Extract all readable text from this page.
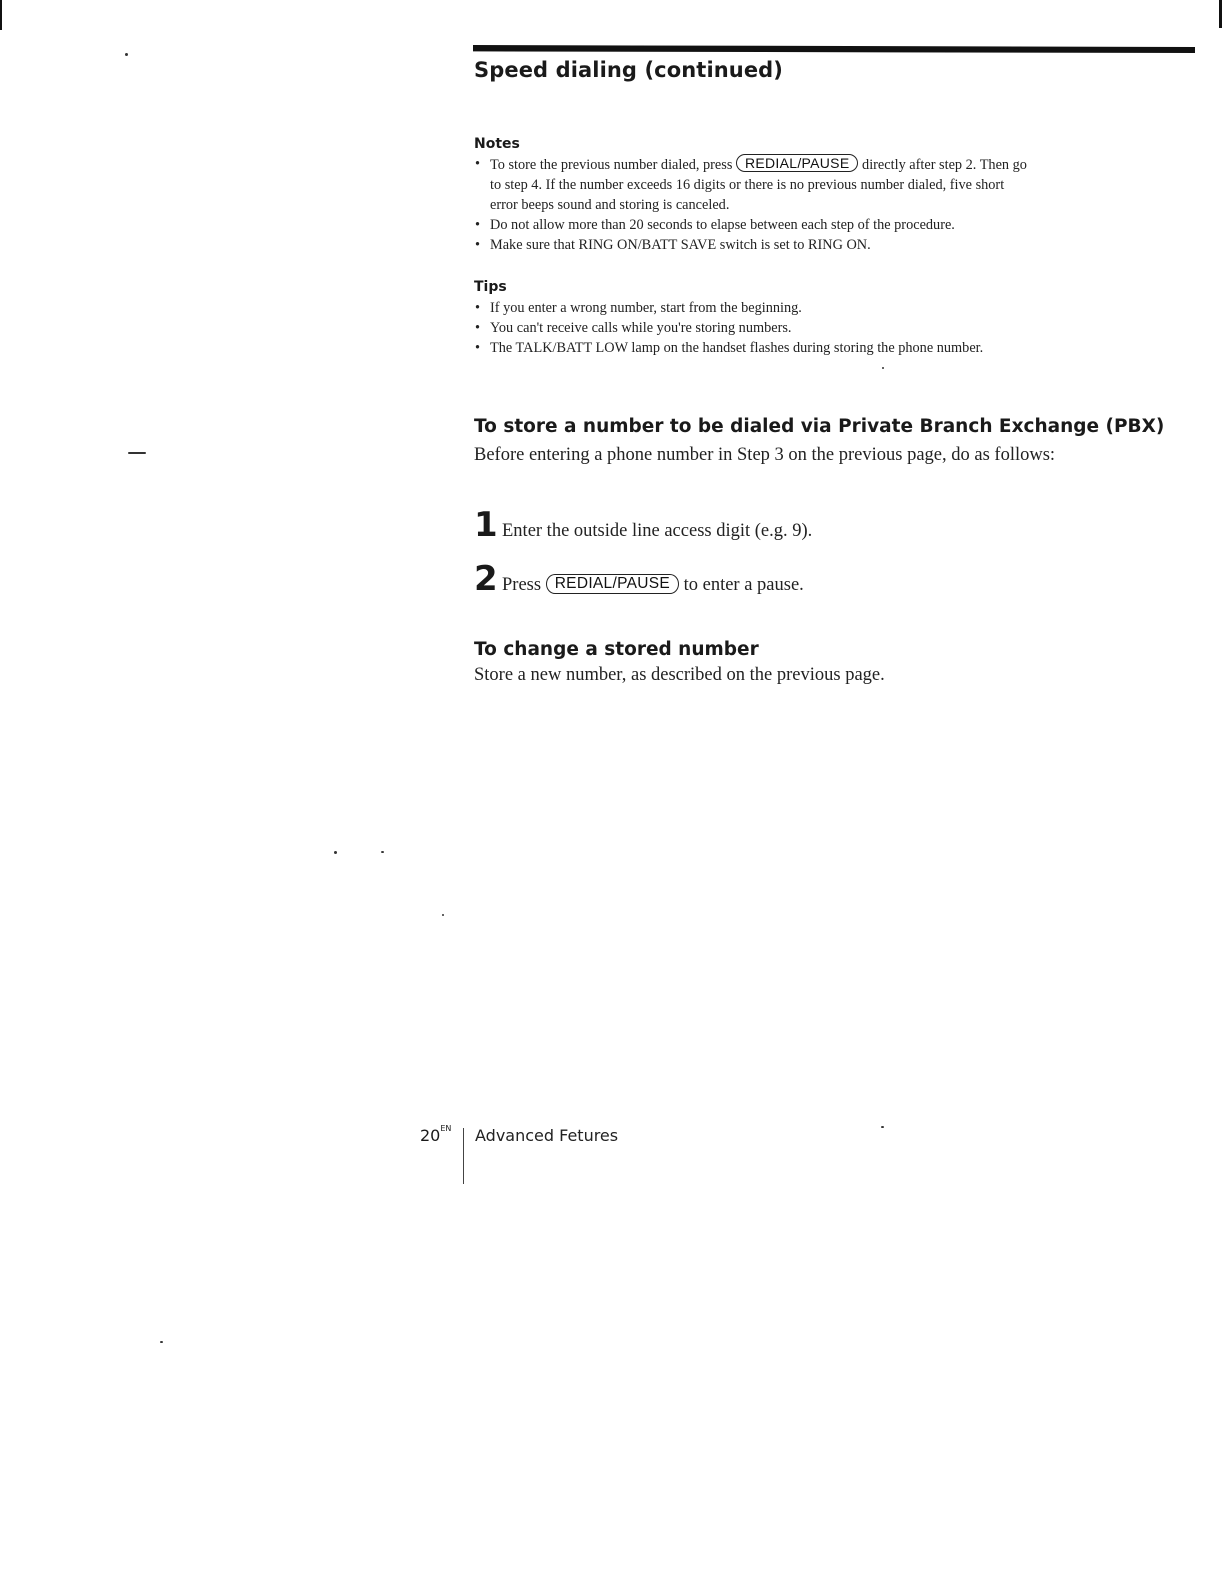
Speed dialing (continued)
Notes
• To store the previous number dialed, press REDIAL/PAUSE directly after step 2. Then go to step 4. If the number exceeds 16 digits or there is no previous number dialed, five short error beeps sound and storing is canceled.
• Do not allow more than 20 seconds to elapse between each step of the procedure.
• Make sure that RING ON/BATT SAVE switch is set to RING ON.
Tips
• If you enter a wrong number, start from the beginning.
• You can't receive calls while you're storing numbers.
• The TALK/BATT LOW lamp on the handset flashes during storing the phone number.
To store a number to be dialed via Private Branch Exchange (PBX)

Before entering a phone number in Step 3 on the previous page, do as follows:

1 Enter the outside line access digit (e.g. 9).
2 Press REDIAL/PAUSE to enter a pause.
To change a stored number

Store a new number, as described on the previous page.

20 EN Advanced Fetures
